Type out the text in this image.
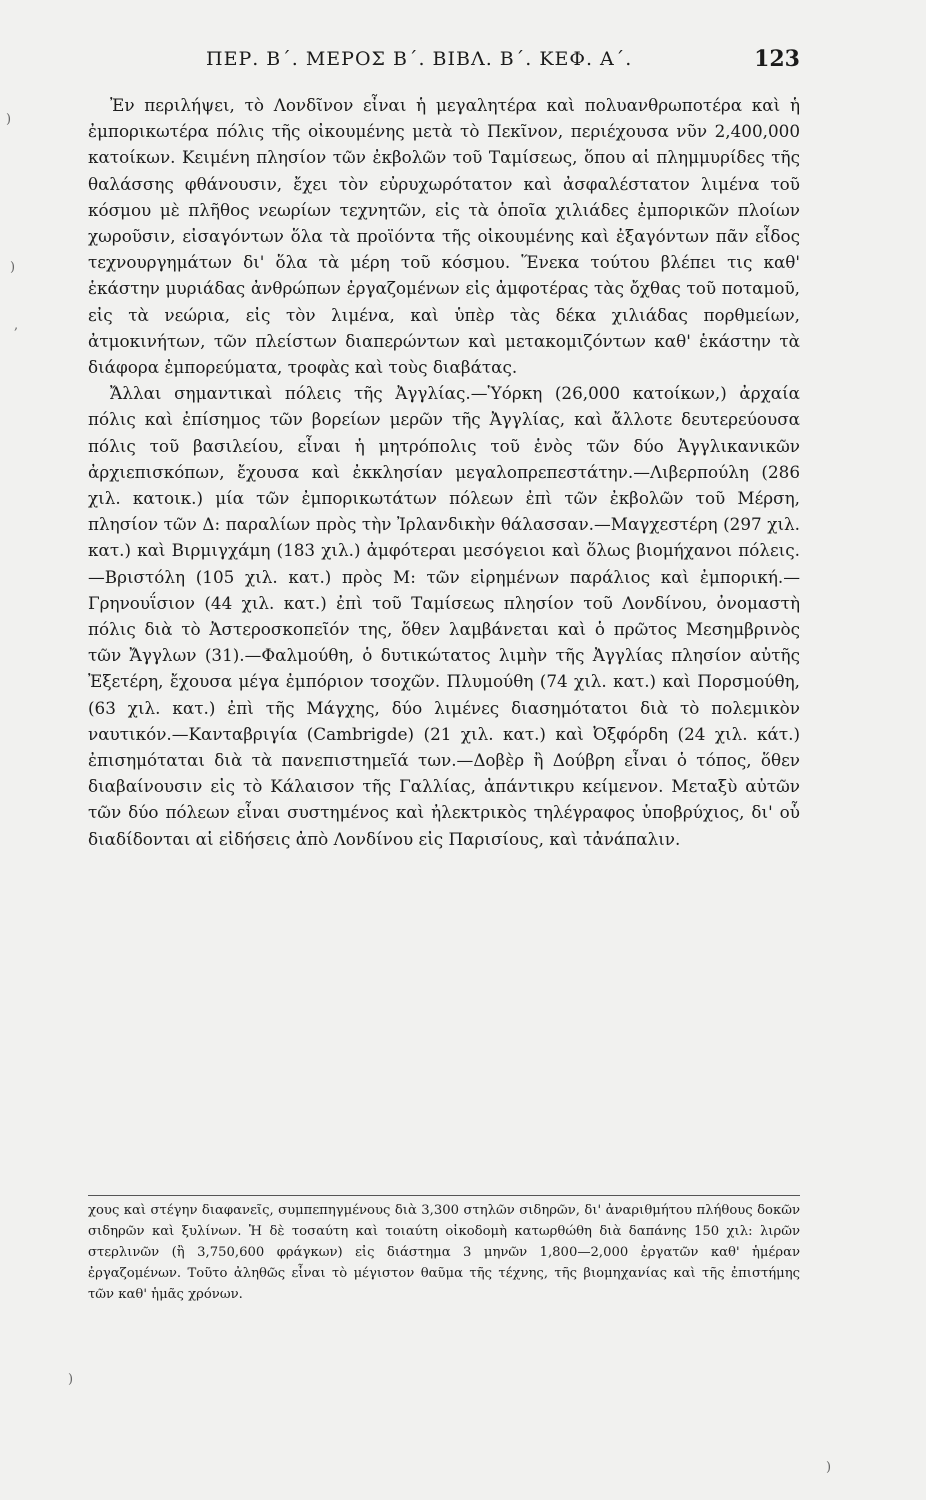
ΠΕΡ. Β΄. ΜΕΡΟΣ Β΄. ΒΙΒΛ. Β΄. ΚΕΦ. Α΄.	123

Ἐν περιλήψει, τὸ Λονδῖνον εἶναι ἡ μεγαλητέρα καὶ πολυανθρωποτέρα καὶ ἡ ἐμπορικωτέρα πόλις τῆς οἰκουμένης μετὰ τὸ Πεκῖνον, περιέχουσα νῦν 2,400,000 κατοίκων. Κειμένη πλησίον τῶν ἐκβολῶν τοῦ Ταμίσεως, ὅπου αἱ πλημμυρίδες τῆς θαλάσσης φθάνουσιν, ἔχει τὸν εὐρυχωρότατον καὶ ἀσφαλέστατον λιμένα τοῦ κόσμου μὲ πλῆθος νεωρίων τεχνητῶν, εἰς τὰ ὁποῖα χιλιάδες ἐμπορικῶν πλοίων χωροῦσιν, εἰσαγόντων ὅλα τὰ προϊόντα τῆς οἰκουμένης καὶ ἐξαγόντων πᾶν εἶδος τεχνουργημάτων δι' ὅλα τὰ μέρη τοῦ κόσμου. Ἕνεκα τούτου βλέπει τις καθ' ἑκάστην μυριάδας ἀνθρώπων ἐργαζομένων εἰς ἀμφοτέρας τὰς ὄχθας τοῦ ποταμοῦ, εἰς τὰ νεώρια, εἰς τὸν λιμένα, καὶ ὑπὲρ τὰς δέκα χιλιάδας πορθμείων, ἀτμοκινήτων, τῶν πλείστων διαπερώντων καὶ μετακομιζόντων καθ' ἑκάστην τὰ διάφορα ἐμπορεύματα, τροφὰς καὶ τοὺς διαβάτας.

Ἄλλαι σημαντικαὶ πόλεις τῆς Ἀγγλίας.—Ὑόρκη (26,000 κατοίκων,) ἀρχαία πόλις καὶ ἐπίσημος τῶν βορείων μερῶν τῆς Ἀγγλίας, καὶ ἄλλοτε δευτερεύουσα πόλις τοῦ βασιλείου, εἶναι ἡ μητρόπολις τοῦ ἑνὸς τῶν δύο Ἀγγλικανικῶν ἀρχιεπισκόπων, ἔχουσα καὶ ἐκκλησίαν μεγαλοπρεπεστάτην.—Λιβερπούλη (286 χιλ. κατοικ.) μία τῶν ἐμπορικωτάτων πόλεων ἐπὶ τῶν ἐκβολῶν τοῦ Μέρση, πλησίον τῶν Δ: παραλίων πρὸς τὴν Ἰρλανδικὴν θάλασσαν.—Μαγχεστέρη (297 χιλ. κατ.) καὶ Βιρμιγχάμη (183 χιλ.) ἀμφότεραι μεσόγειοι καὶ ὅλως βιομήχανοι πόλεις.—Βριστόλη (105 χιλ. κατ.) πρὸς Μ: τῶν εἰρημένων παράλιος καὶ ἐμπορική.—Γρηνουΐσιον (44 χιλ. κατ.) ἐπὶ τοῦ Ταμίσεως πλησίον τοῦ Λονδίνου, ὀνομαστὴ πόλις διὰ τὸ Ἀστεροσκοπεῖόν της, ὅθεν λαμβάνεται καὶ ὁ πρῶτος Μεσημβρινὸς τῶν Ἄγγλων (31).—Φαλμούθη, ὁ δυτικώτατος λιμὴν τῆς Ἀγγλίας πλησίον αὐτῆς Ἐξετέρη, ἔχουσα μέγα ἐμπόριον τσοχῶν. Πλυμούθη (74 χιλ. κατ.) καὶ Πορσμούθη, (63 χιλ. κατ.) ἐπὶ τῆς Μάγχης, δύο λιμένες διασημότατοι διὰ τὸ πολεμικὸν ναυτικόν.—Κανταβριγία (Cambrigde) (21 χιλ. κατ.) καὶ Ὀξφόρδη (24 χιλ. κάτ.) ἐπισημόταται διὰ τὰ πανεπιστημεῖά των.—Δοβὲρ ἢ Δούβρη εἶναι ὁ τόπος, ὅθεν διαβαίνουσιν εἰς τὸ Κάλαισον τῆς Γαλλίας, ἀπάντικρυ κείμενον. Μεταξὺ αὐτῶν τῶν δύο πόλεων εἶναι συστημένος καὶ ἠλεκτρικὸς τηλέγραφος ὑποβρύχιος, δι' οὗ διαδίδονται αἱ εἰδήσεις ἀπὸ Λονδίνου εἰς Παρισίους, καὶ τἀνάπαλιν.

χους καὶ στέγην διαφανεῖς, συμπεπηγμένους διὰ 3,300 στηλῶν σιδηρῶν, δι' ἀναριθμήτου πλήθους δοκῶν σιδηρῶν καὶ ξυλίνων. Ἡ δὲ τοσαύτη καὶ τοιαύτη οἰκοδομὴ κατωρθώθη διὰ δαπάνης 150 χιλ: λιρῶν στερλινῶν (ἢ 3,750,600 φράγκων) εἰς διάστημα 3 μηνῶν 1,800—2,000 ἐργατῶν καθ' ἡμέραν ἐργαζομένων. Τοῦτο ἀληθῶς εἶναι τὸ μέγιστον θαῦμα τῆς τέχνης, τῆς βιομηχανίας καὶ τῆς ἐπιστήμης τῶν καθ' ἡμᾶς χρόνων.
)
)
,
)
)
